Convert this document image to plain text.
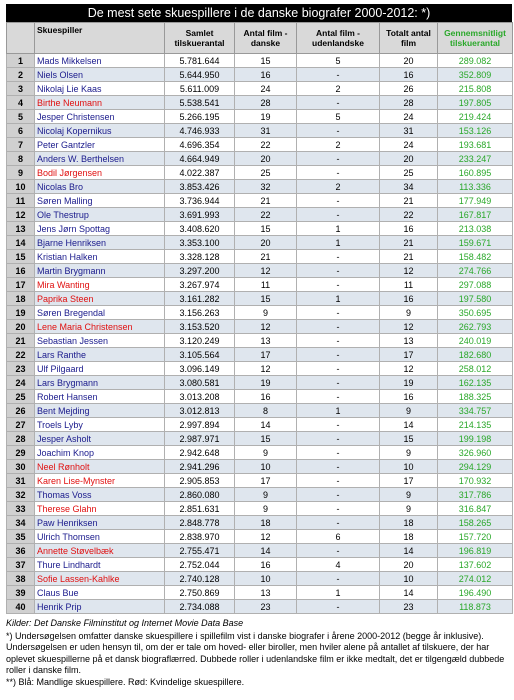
De mest sete skuespillere i de danske biografer 2000-2012: *)
	Skuespiller	Samlet tilskuerantal	Antal film - danske	Antal film - udenlandske	Totalt antal film	Gennemsnitligt tilskuerantal
1	Mads Mikkelsen	5.781.644	15	5	20	289.082
2	Niels Olsen	5.644.950	16	-	16	352.809
3	Nikolaj Lie Kaas	5.611.009	24	2	26	215.808
4	Birthe Neumann	5.538.541	28	-	28	197.805
5	Jesper Christensen	5.266.195	19	5	24	219.424
6	Nicolaj Kopernikus	4.746.933	31	-	31	153.126
7	Peter Gantzler	4.696.354	22	2	24	193.681
8	Anders W. Berthelsen	4.664.949	20	-	20	233.247
9	Bodil Jørgensen	4.022.387	25	-	25	160.895
10	Nicolas Bro	3.853.426	32	2	34	113.336
11	Søren Malling	3.736.944	21	-	21	177.949
12	Ole Thestrup	3.691.993	22	-	22	167.817
13	Jens Jørn Spottag	3.408.620	15	1	16	213.038
14	Bjarne Henriksen	3.353.100	20	1	21	159.671
15	Kristian Halken	3.328.128	21	-	21	158.482
16	Martin Brygmann	3.297.200	12	-	12	274.766
17	Mira Wanting	3.267.974	11	-	11	297.088
18	Paprika Steen	3.161.282	15	1	16	197.580
19	Søren Bregendal	3.156.263	9	-	9	350.695
20	Lene Maria Christensen	3.153.520	12	-	12	262.793
21	Sebastian Jessen	3.120.249	13	-	13	240.019
22	Lars Ranthe	3.105.564	17	-	17	182.680
23	Ulf Pilgaard	3.096.149	12	-	12	258.012
24	Lars Brygmann	3.080.581	19	-	19	162.135
25	Robert Hansen	3.013.208	16	-	16	188.325
26	Bent Mejding	3.012.813	8	1	9	334.757
27	Troels Lyby	2.997.894	14	-	14	214.135
28	Jesper Asholt	2.987.971	15	-	15	199.198
29	Joachim Knop	2.942.648	9	-	9	326.960
30	Neel Rønholt	2.941.296	10	-	10	294.129
31	Karen Lise-Mynster	2.905.853	17	-	17	170.932
32	Thomas Voss	2.860.080	9	-	9	317.786
33	Therese Glahn	2.851.631	9	-	9	316.847
34	Paw Henriksen	2.848.778	18	-	18	158.265
35	Ulrich Thomsen	2.838.970	12	6	18	157.720
36	Annette Støvelbæk	2.755.471	14	-	14	196.819
37	Thure Lindhardt	2.752.044	16	4	20	137.602
38	Sofie Lassen-Kahlke	2.740.128	10	-	10	274.012
39	Claus Bue	2.750.869	13	1	14	196.490
40	Henrik Prip	2.734.088	23	-	23	118.873

Kilder: Det Danske Filminstitut og Internet Movie Data Base

*) Undersøgelsen omfatter danske skuespillere i spillefilm vist i danske biografer i årene 2000-2012 (begge år inklusive). Undersøgelsen er uden hensyn til, om der er tale om hoved- eller biroller, men hviler alene på antallet af tilskuere, der har oplevet skuespillerne på et dansk biograflærred. Dubbede roller i udenlandske film er ikke medtalt, det er tilgengæld dubbede roller i danske film.

**) Blå: Mandlige skuespillere. Rød: Kvindelige skuespillere.
